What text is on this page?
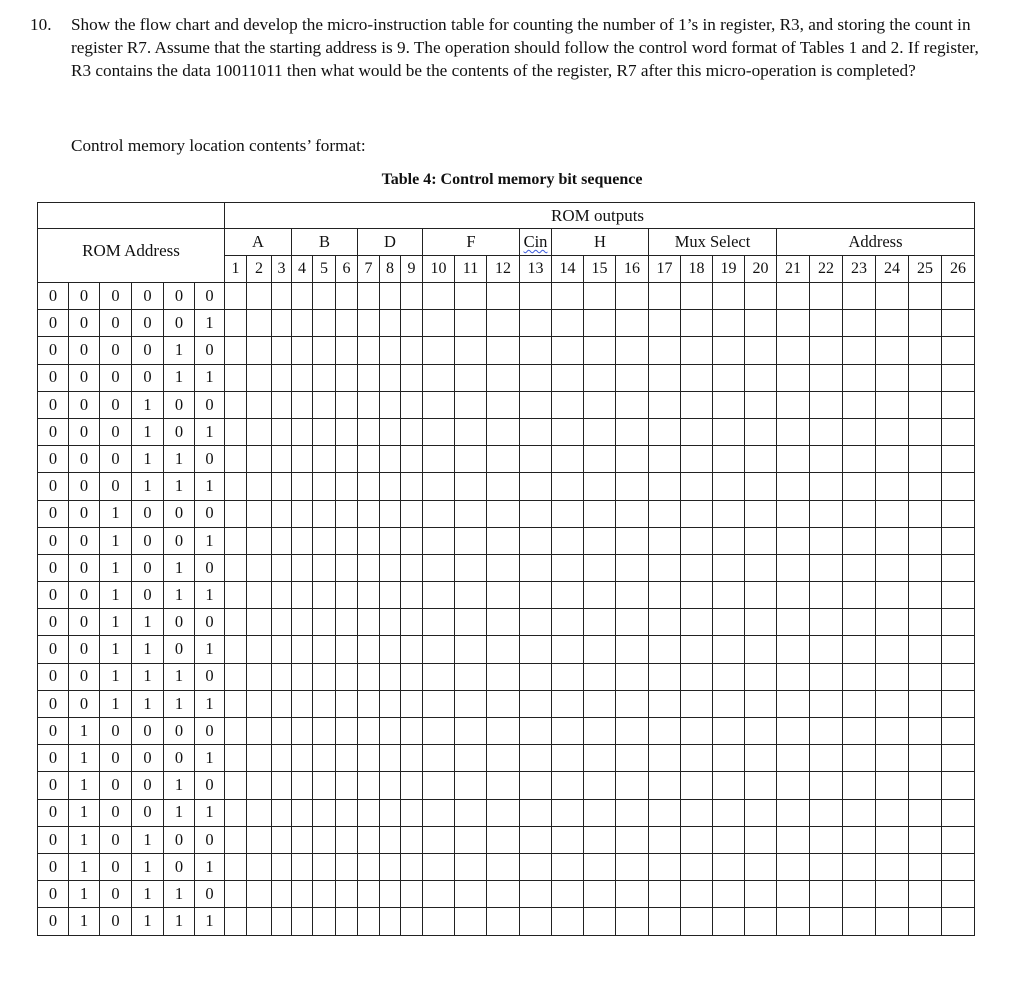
10. Show the flow chart and develop the micro-instruction table for counting the number of 1’s in register, R3, and storing the count in register R7. Assume that the starting address is 9. The operation should follow the control word format of Tables 1 and 2. If register, R3 contains the data 10011011 then what would be the contents of the register, R7 after this micro-operation is completed?
Control memory location contents’ format:
Table 4: Control memory bit sequence
						ROM outputs																									
ROM Address						A			B			D			F			Cin	H			Mux Select				Address					
						1	2	3	4	5	6	7	8	9	10	11	12	13	14	15	16	17	18	19	20	21	22	23	24	25	26
0	0	0	0	0	0																										
0	0	0	0	0	1																										
0	0	0	0	1	0																										
0	0	0	0	1	1																										
0	0	0	1	0	0																										
0	0	0	1	0	1																										
0	0	0	1	1	0																										
0	0	0	1	1	1																										
0	0	1	0	0	0																										
0	0	1	0	0	1																										
0	0	1	0	1	0																										
0	0	1	0	1	1																										
0	0	1	1	0	0																										
0	0	1	1	0	1																										
0	0	1	1	1	0																										
0	0	1	1	1	1																										
0	1	0	0	0	0																										
0	1	0	0	0	1																										
0	1	0	0	1	0																										
0	1	0	0	1	1																										
0	1	0	1	0	0																										
0	1	0	1	0	1																										
0	1	0	1	1	0																										
0	1	0	1	1	1																										
